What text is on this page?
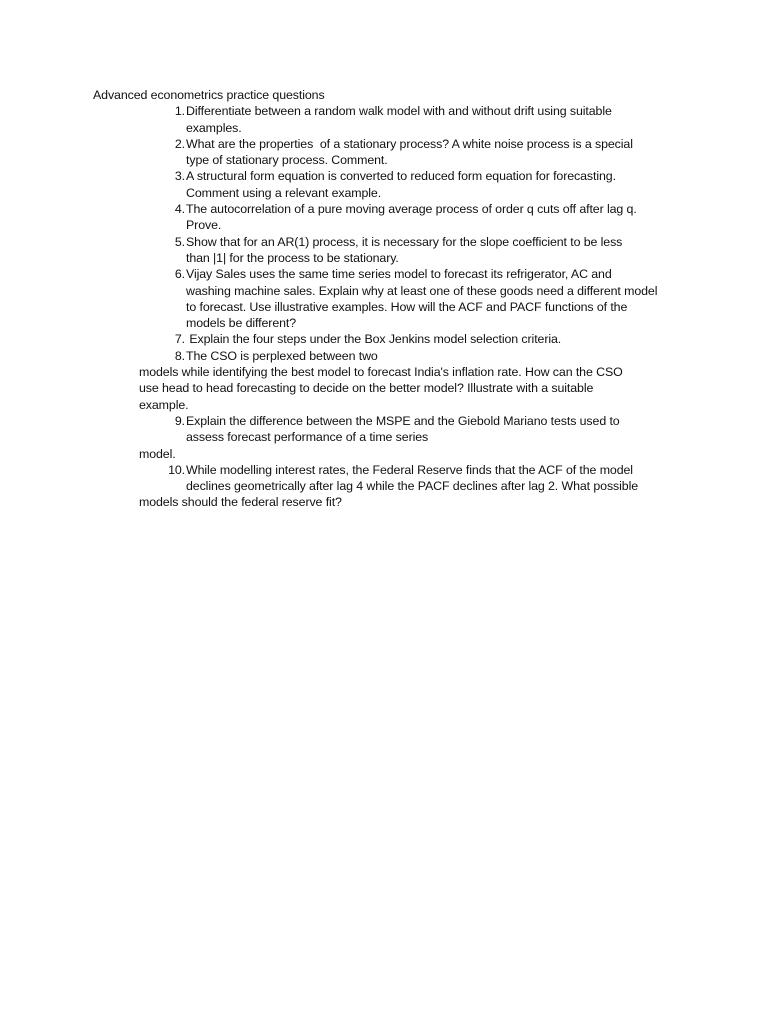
Advanced econometrics practice questions
1. Differentiate between a random walk model with and without drift using suitable
examples.
2. What are the properties  of a stationary process? A white noise process is a special
type of stationary process. Comment.
3. A structural form equation is converted to reduced form equation for forecasting.
Comment using a relevant example.
4. The autocorrelation of a pure moving average process of order q cuts off after lag q.
Prove.
5. Show that for an AR(1) process, it is necessary for the slope coefficient to be less
than |1| for the process to be stationary.
6. Vijay Sales uses the same time series model to forecast its refrigerator, AC and
washing machine sales. Explain why at least one of these goods need a different model
to forecast. Use illustrative examples. How will the ACF and PACF functions of the
models be different?
7. Explain the four steps under the Box Jenkins model selection criteria.
8. The CSO is perplexed between two
models while identifying the best model to forecast India's inflation rate. How can the CSO
use head to head forecasting to decide on the better model? Illustrate with a suitable
example.
9. Explain the difference between the MSPE and the Giebold Mariano tests used to
assess forecast performance of a time series
model.
10. While modelling interest rates, the Federal Reserve finds that the ACF of the model
declines geometrically after lag 4 while the PACF declines after lag 2. What possible
models should the federal reserve fit?
